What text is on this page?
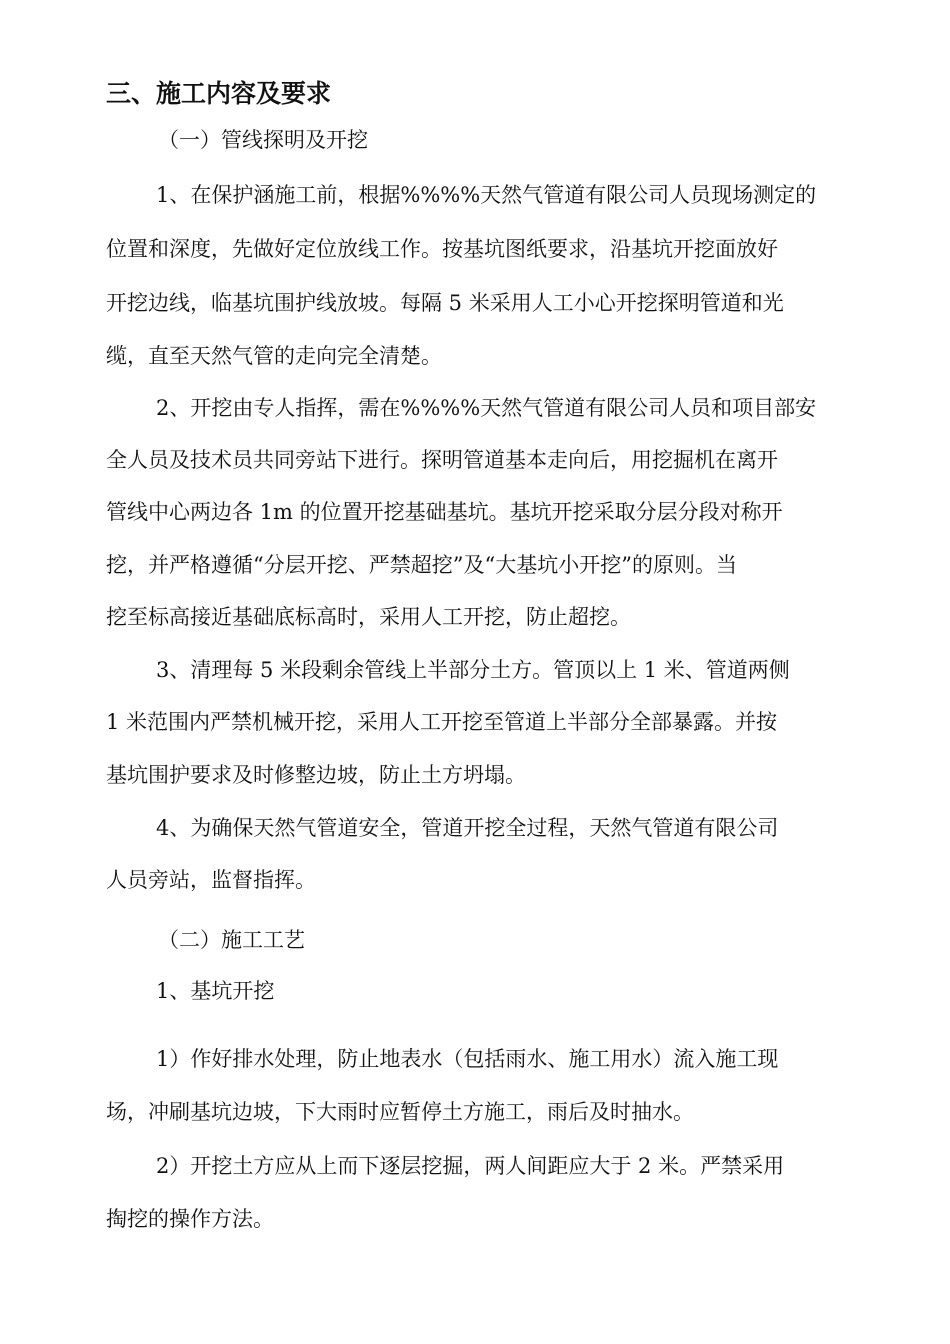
三、施工内容及要求
（一）管线探明及开挖
1、在保护涵施工前，根据%%%%天然气管道有限公司人员现场测定的
位置和深度，先做好定位放线工作。按基坑图纸要求，沿基坑开挖面放好
开挖边线，临基坑围护线放坡。每隔 5 米采用人工小心开挖探明管道和光
缆，直至天然气管的走向完全清楚。
2、开挖由专人指挥，需在%%%%天然气管道有限公司人员和项目部安
全人员及技术员共同旁站下进行。探明管道基本走向后，用挖掘机在离开
管线中心两边各 1m 的位置开挖基础基坑。基坑开挖采取分层分段对称开
挖，并严格遵循“分层开挖、严禁超挖”及“大基坑小开挖”的原则。当
挖至标高接近基础底标高时，采用人工开挖，防止超挖。
3、清理每 5 米段剩余管线上半部分土方。管顶以上 1 米、管道两侧
1 米范围内严禁机械开挖，采用人工开挖至管道上半部分全部暴露。并按
基坑围护要求及时修整边坡，防止土方坍塌。
4、为确保天然气管道安全，管道开挖全过程，天然气管道有限公司
人员旁站，监督指挥。
（二）施工工艺
1、基坑开挖
1）作好排水处理，防止地表水（包括雨水、施工用水）流入施工现
场，冲刷基坑边坡，下大雨时应暂停土方施工，雨后及时抽水。
2）开挖土方应从上而下逐层挖掘，两人间距应大于 2 米。严禁采用
掏挖的操作方法。
